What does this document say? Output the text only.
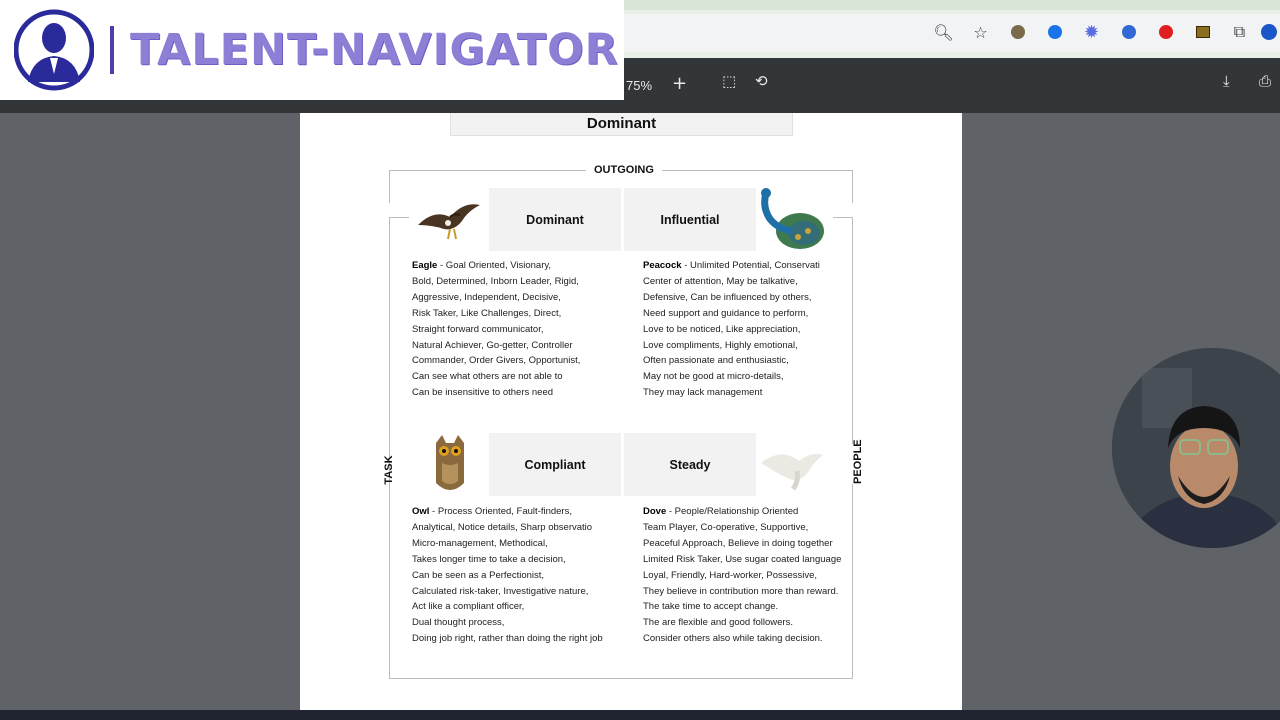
🔍︎	☆	✹	⧉
75% + ⬚ ⟲	⤓ ⎙
TALENT-NAVIGATOR
Dominant
OUTGOING
TASK	PEOPLE
Dominant	Influential
Compliant	Steady
Eagle - Goal Oriented, Visionary,
Bold, Determined, Inborn Leader, Rigid,
Aggressive, Independent, Decisive,
Risk Taker, Like Challenges, Direct,
Straight forward communicator,
Natural Achiever, Go-getter, Controller
Commander, Order Givers, Opportunist,
Can see what others are not able to
Can be insensitive to others need
Peacock - Unlimited Potential, Conservati
Center of attention, May be talkative,
Defensive, Can be influenced by others,
Need support and guidance to perform,
Love to be noticed, Like appreciation,
Love compliments, Highly emotional,
Often passionate and enthusiastic,
May not be good at micro-details,
They may lack management
Owl - Process Oriented, Fault-finders,
Analytical, Notice details, Sharp observatio
Micro-management, Methodical,
Takes longer time to take a decision,
Can be seen as a Perfectionist,
Calculated risk-taker, Investigative nature,
Act like a compliant officer,
Dual thought process,
Doing job right, rather than doing the right job
Dove - People/Relationship Oriented
Team Player, Co-operative, Supportive,
Peaceful Approach, Believe in doing together
Limited Risk Taker, Use sugar coated language
Loyal, Friendly, Hard-worker, Possessive,
They believe in contribution more than reward.
The take time to accept change.
The are flexible and good followers.
Consider others also while taking decision.
